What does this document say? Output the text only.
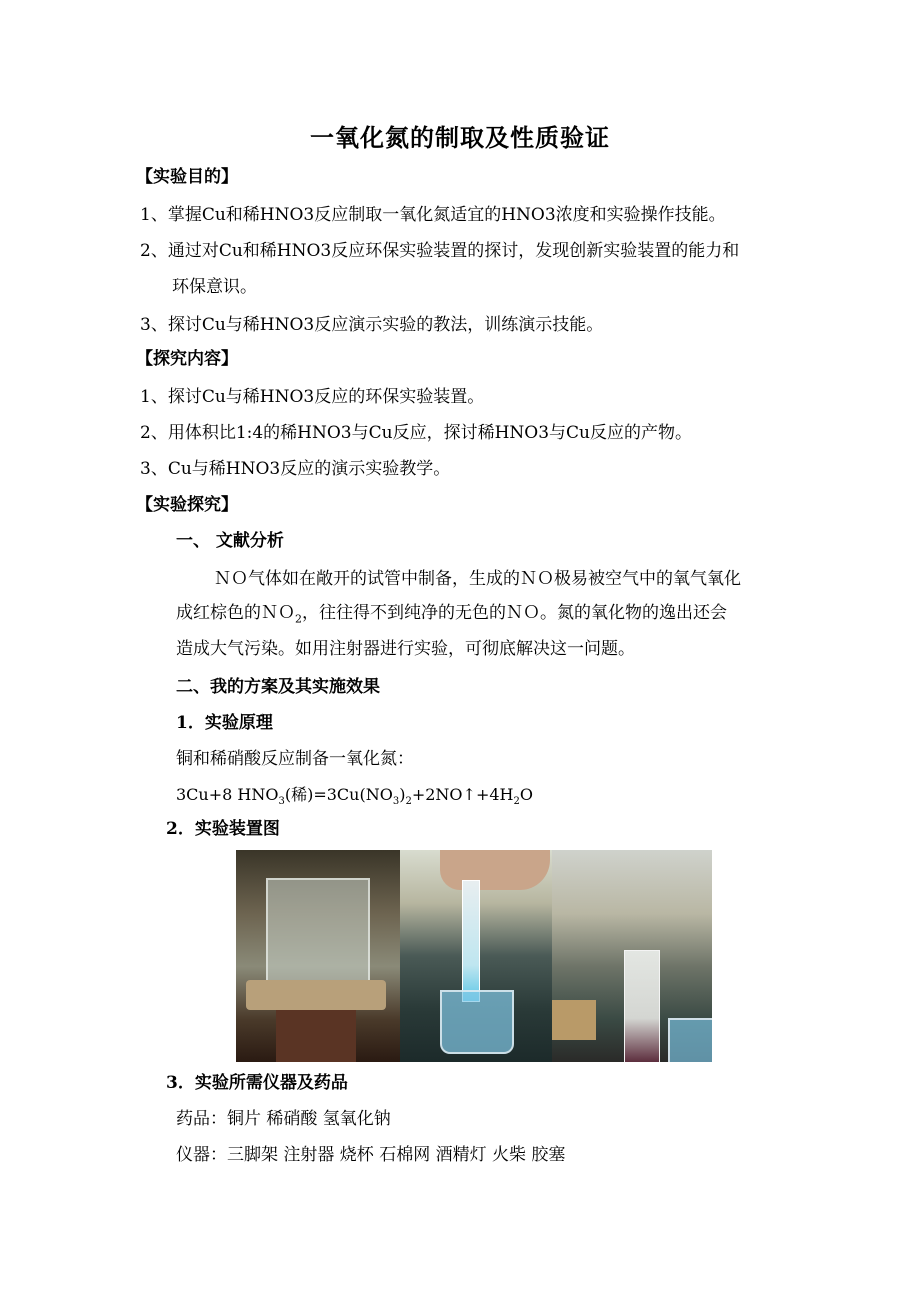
一氧化氮的制取及性质验证
【实验目的】
1、掌握Cu和稀HNO3反应制取一氧化氮适宜的HNO3浓度和实验操作技能。
2、通过对Cu和稀HNO3反应环保实验装置的探讨，发现创新实验装置的能力和
环保意识。
3、探讨Cu与稀HNO3反应演示实验的教法，训练演示技能。
【探究内容】
1、探讨Cu与稀HNO3反应的环保实验装置。
2、用体积比1:4的稀HNO3与Cu反应，探讨稀HNO3与Cu反应的产物。
3、Cu与稀HNO3反应的演示实验教学。
【实验探究】
一、 文献分析
ＮＯ气体如在敞开的试管中制备，生成的ＮＯ极易被空气中的氧气氧化
成红棕色的ＮＯ$_2$，往往得不到纯净的无色的ＮＯ。氮的氧化物的逸出还会
造成大气污染。如用注射器进行实验，可彻底解决这一问题。
二、我的方案及其实施效果
1．实验原理
铜和稀硝酸反应制备一氧化氮：
3Cu+8 $HNO_3$(稀)$=3Cu(NO_3)_2+2NO↑+4H_2O$
2．实验装置图
3．实验所需仪器及药品
药品：铜片 稀硝酸 氢氧化钠
仪器：三脚架 注射器 烧杯 石棉网 酒精灯 火柴 胶塞
